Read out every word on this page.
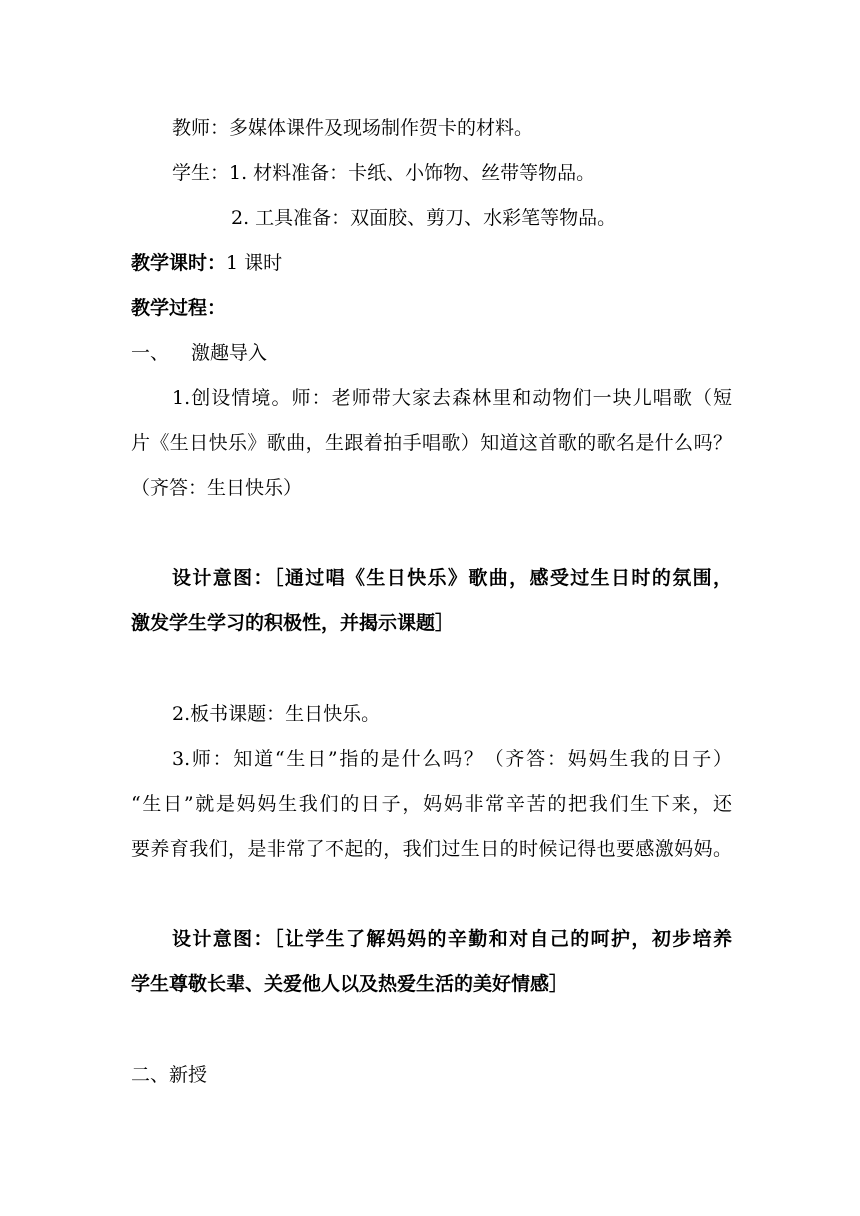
教师：多媒体课件及现场制作贺卡的材料。
学生：1. 材料准备：卡纸、小饰物、丝带等物品。
2. 工具准备：双面胶、剪刀、水彩笔等物品。
教学课时：1 课时
教学过程：
一、 激趣导入
1.创设情境。师：老师带大家去森林里和动物们一块儿唱歌（短
片《生日快乐》歌曲，生跟着拍手唱歌）知道这首歌的歌名是什么吗？
（齐答：生日快乐）
设计意图：［通过唱《生日快乐》歌曲，感受过生日时的氛围，
激发学生学习的积极性，并揭示课题］
2.板书课题：生日快乐。
3.师：知道“生日”指的是什么吗？（齐答：妈妈生我的日子）
“生日”就是妈妈生我们的日子，妈妈非常辛苦的把我们生下来，还
要养育我们，是非常了不起的，我们过生日的时候记得也要感激妈妈。
设计意图：［让学生了解妈妈的辛勤和对自己的呵护，初步培养
学生尊敬长辈、关爱他人以及热爱生活的美好情感］
二、新授
